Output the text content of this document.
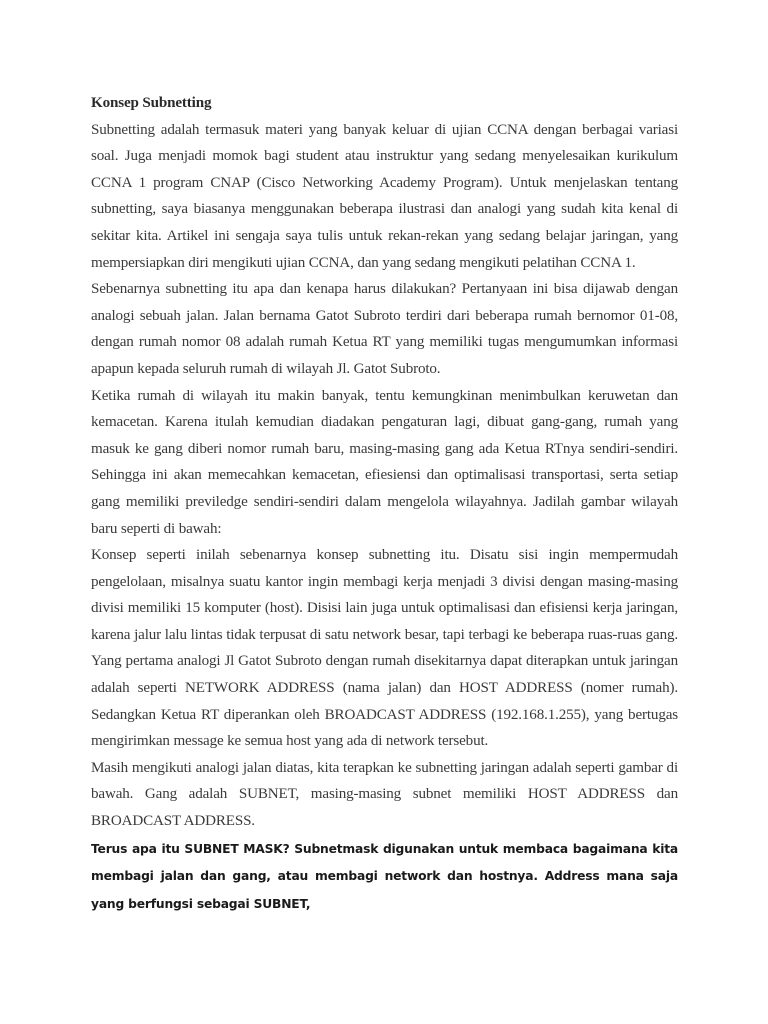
Konsep Subnetting

Subnetting adalah termasuk materi yang banyak keluar di ujian CCNA dengan berbagai variasi soal. Juga menjadi momok bagi student atau instruktur yang sedang menyelesaikan kurikulum CCNA 1 program CNAP (Cisco Networking Academy Program). Untuk menjelaskan tentang subnetting, saya biasanya menggunakan beberapa ilustrasi dan analogi yang sudah kita kenal di sekitar kita. Artikel ini sengaja saya tulis untuk rekan-rekan yang sedang belajar jaringan, yang mempersiapkan diri mengikuti ujian CCNA, dan yang sedang mengikuti pelatihan CCNA 1.

Sebenarnya subnetting itu apa dan kenapa harus dilakukan? Pertanyaan ini bisa dijawab dengan analogi sebuah jalan. Jalan bernama Gatot Subroto terdiri dari beberapa rumah bernomor 01-08, dengan rumah nomor 08 adalah rumah Ketua RT yang memiliki tugas mengumumkan informasi apapun kepada seluruh rumah di wilayah Jl. Gatot Subroto.

Ketika rumah di wilayah itu makin banyak, tentu kemungkinan menimbulkan keruwetan dan kemacetan. Karena itulah kemudian diadakan pengaturan lagi, dibuat gang-gang, rumah yang masuk ke gang diberi nomor rumah baru, masing-masing gang ada Ketua RTnya sendiri-sendiri. Sehingga ini akan memecahkan kemacetan, efiesiensi dan optimalisasi transportasi, serta setiap gang memiliki previledge sendiri-sendiri dalam mengelola wilayahnya. Jadilah gambar wilayah baru seperti di bawah:

Konsep seperti inilah sebenarnya konsep subnetting itu. Disatu sisi ingin mempermudah pengelolaan, misalnya suatu kantor ingin membagi kerja menjadi 3 divisi dengan masing-masing divisi memiliki 15 komputer (host). Disisi lain juga untuk optimalisasi dan efisiensi kerja jaringan, karena jalur lalu lintas tidak terpusat di satu network besar, tapi terbagi ke beberapa ruas-ruas gang. Yang pertama analogi Jl Gatot Subroto dengan rumah disekitarnya dapat diterapkan untuk jaringan adalah seperti NETWORK ADDRESS (nama jalan) dan HOST ADDRESS (nomer rumah). Sedangkan Ketua RT diperankan oleh BROADCAST ADDRESS (192.168.1.255), yang bertugas mengirimkan message ke semua host yang ada di network tersebut.

Masih mengikuti analogi jalan diatas, kita terapkan ke subnetting jaringan adalah seperti gambar di bawah. Gang adalah SUBNET, masing-masing subnet memiliki HOST ADDRESS dan BROADCAST ADDRESS.

Terus apa itu SUBNET MASK? Subnetmask digunakan untuk membaca bagaimana kita membagi jalan dan gang, atau membagi network dan hostnya. Address mana saja yang berfungsi sebagai SUBNET,
